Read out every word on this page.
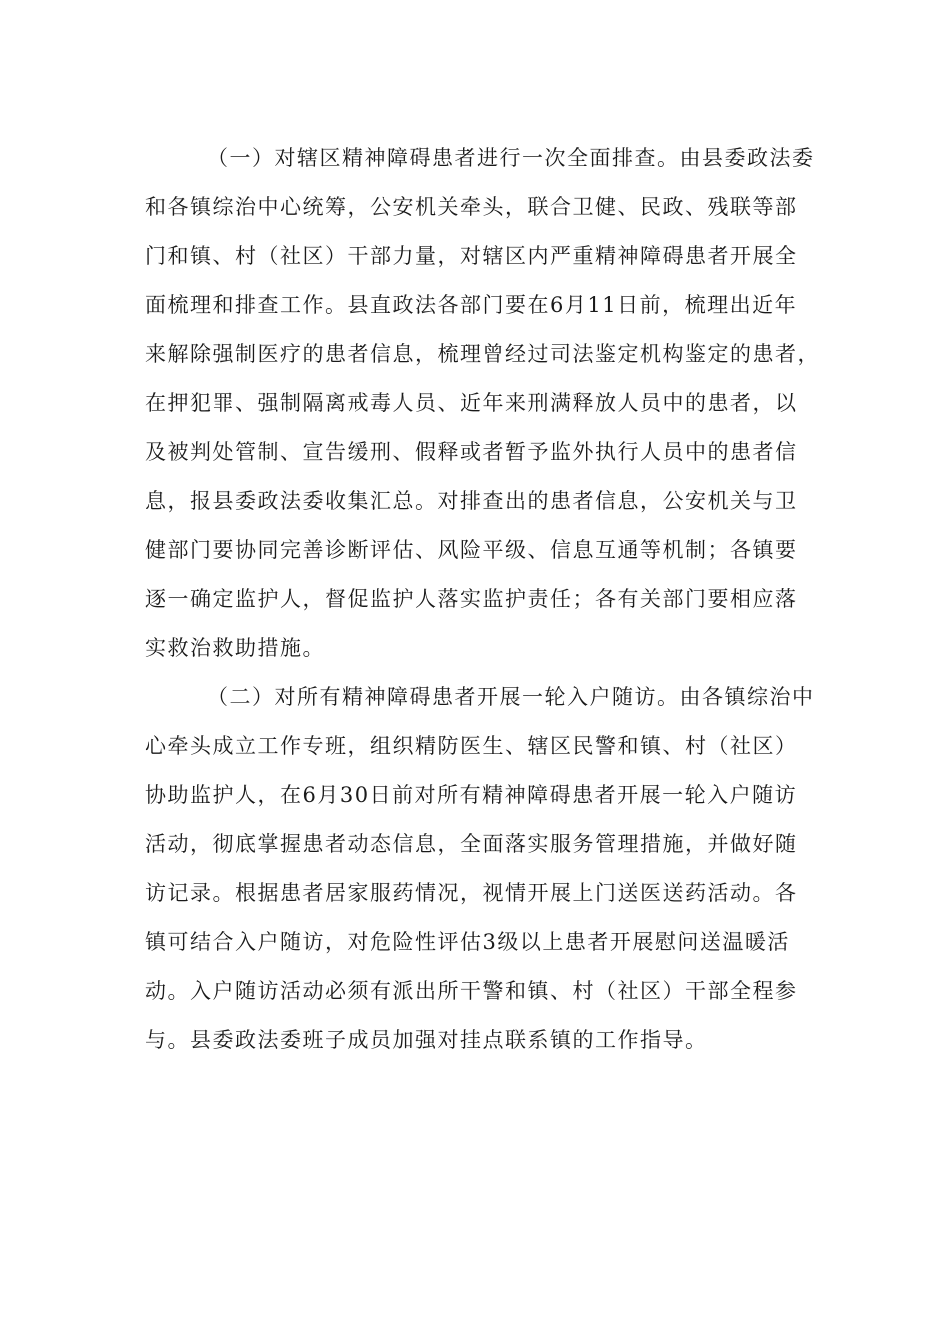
（一）对辖区精神障碍患者进行一次全面排查。由县委政法委
和各镇综治中心统筹，公安机关牵头，联合卫健、民政、残联等部
门和镇、村（社区）干部力量，对辖区内严重精神障碍患者开展全
面梳理和排查工作。县直政法各部门要在6月11日前，梳理出近年
来解除强制医疗的患者信息，梳理曾经过司法鉴定机构鉴定的患者，
在押犯罪、强制隔离戒毒人员、近年来刑满释放人员中的患者，以
及被判处管制、宣告缓刑、假释或者暂予监外执行人员中的患者信
息，报县委政法委收集汇总。对排查出的患者信息，公安机关与卫
健部门要协同完善诊断评估、风险平级、信息互通等机制；各镇要
逐一确定监护人，督促监护人落实监护责任；各有关部门要相应落
实救治救助措施。
（二）对所有精神障碍患者开展一轮入户随访。由各镇综治中
心牵头成立工作专班，组织精防医生、辖区民警和镇、村（社区）
协助监护人，在6月30日前对所有精神障碍患者开展一轮入户随访
活动，彻底掌握患者动态信息，全面落实服务管理措施，并做好随
访记录。根据患者居家服药情况，视情开展上门送医送药活动。各
镇可结合入户随访，对危险性评估3级以上患者开展慰问送温暖活
动。入户随访活动必须有派出所干警和镇、村（社区）干部全程参
与。县委政法委班子成员加强对挂点联系镇的工作指导。
